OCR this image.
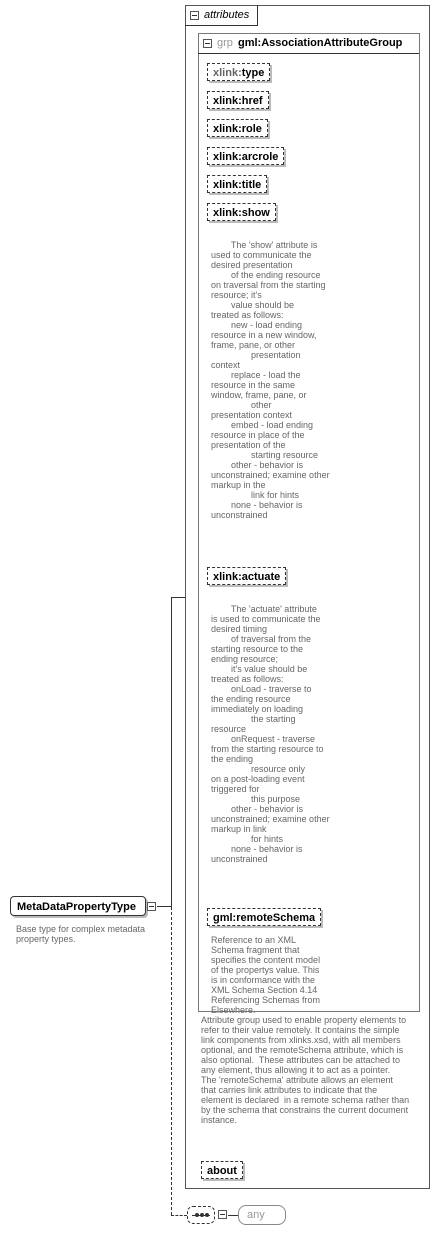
attributes
grp gml:AssociationAttributeGroup
xlink:type
xlink:href
xlink:role
xlink:arcrole
xlink:title
xlink:show
The 'show' attribute is
used to communicate the
desired presentation
of the ending resource
on traversal from the starting
resource; it's
value should be
treated as follows:
new - load ending
resource in a new window,
frame, pane, or other
presentation
context
replace - load the
resource in the same
window, frame, pane, or
other
presentation context
embed - load ending
resource in place of the
presentation of the
starting resource
other - behavior is
unconstrained; examine other
markup in the
link for hints
none - behavior is
unconstrained
xlink:actuate
The 'actuate' attribute
is used to communicate the
desired timing
of traversal from the
starting resource to the
ending resource;
it's value should be
treated as follows:
onLoad - traverse to
the ending resource
immediately on loading
the starting
resource
onRequest - traverse
from the starting resource to
the ending
resource only
on a post-loading event
triggered for
this purpose
other - behavior is
unconstrained; examine other
markup in link
for hints
none - behavior is
unconstrained
gml:remoteSchema
Reference to an XML
Schema fragment that
specifies the content model
of the propertys value. This
is in conformance with the
XML Schema Section 4.14
Referencing Schemas from
Elsewhere.
Attribute group used to enable property elements to
refer to their value remotely. It contains the simple
link components from xlinks.xsd, with all members
optional, and the remoteSchema attribute, which is
also optional.  These attributes can be attached to
any element, thus allowing it to act as a pointer.
The 'remoteSchema' attribute allows an element
that carries link attributes to indicate that the
element is declared  in a remote schema rather than
by the schema that constrains the current document
instance.
about
MetaDataPropertyType
Base type for complex metadata
property types.
any
